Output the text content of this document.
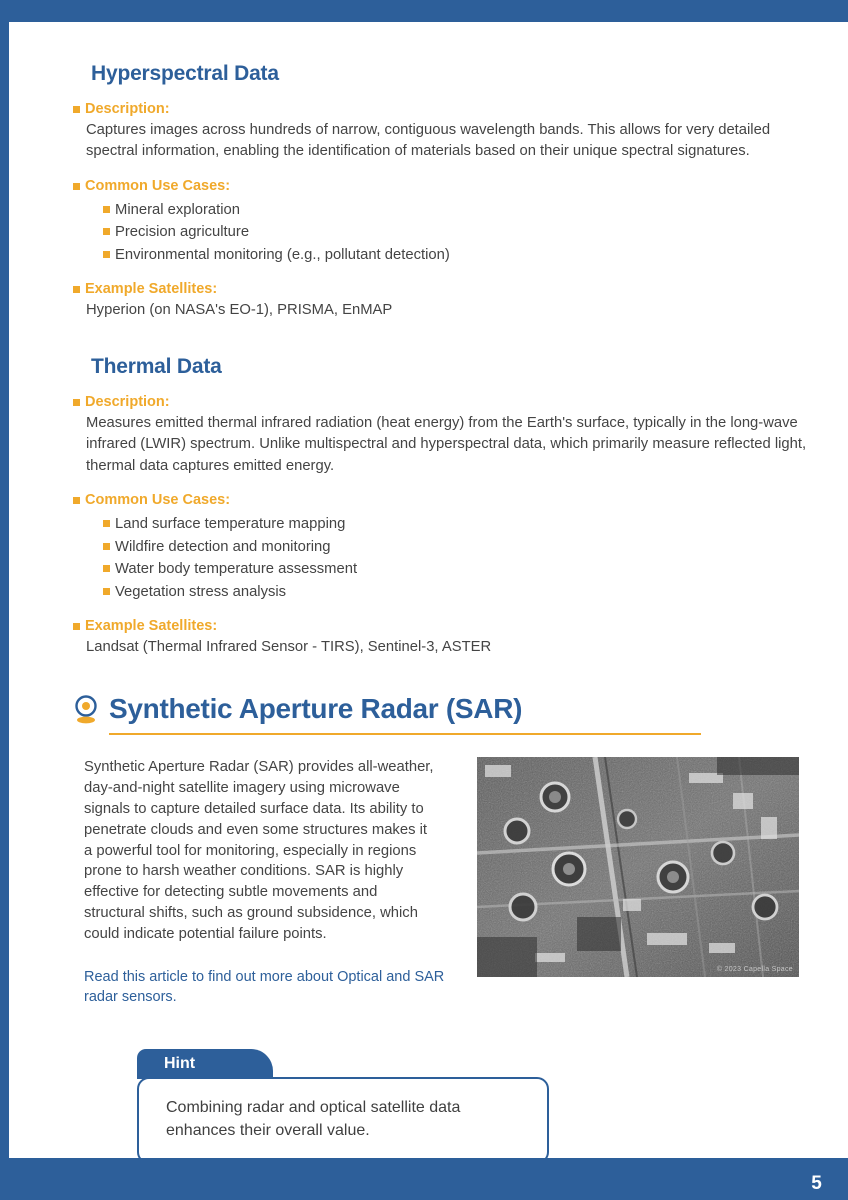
Hyperspectral Data
Description:
Captures images across hundreds of narrow, contiguous wavelength bands. This allows for very detailed spectral information, enabling the identification of materials based on their unique spectral signatures.
Common Use Cases:
Mineral exploration
Precision agriculture
Environmental monitoring (e.g., pollutant detection)
Example Satellites:
Hyperion (on NASA's EO-1), PRISMA, EnMAP
Thermal Data
Description:
Measures emitted thermal infrared radiation (heat energy) from the Earth's surface, typically in the long-wave infrared (LWIR) spectrum. Unlike multispectral and hyperspectral data, which primarily measure reflected light, thermal data captures emitted energy.
Common Use Cases:
Land surface temperature mapping
Wildfire detection and monitoring
Water body temperature assessment
Vegetation stress analysis
Example Satellites:
Landsat (Thermal Infrared Sensor - TIRS), Sentinel-3, ASTER
Synthetic Aperture Radar (SAR)
Synthetic Aperture Radar (SAR) provides all-weather, day-and-night satellite imagery using microwave signals to capture detailed surface data. Its ability to penetrate clouds and even some structures makes it a powerful tool for monitoring, especially in regions prone to harsh weather conditions. SAR is highly effective for detecting subtle movements and structural shifts, such as ground subsidence, which could indicate potential failure points.
Read this article to find out more about Optical and SAR radar sensors.
© 2023 Capella Space
Hint
Combining radar and optical satellite data enhances their overall value.
5
